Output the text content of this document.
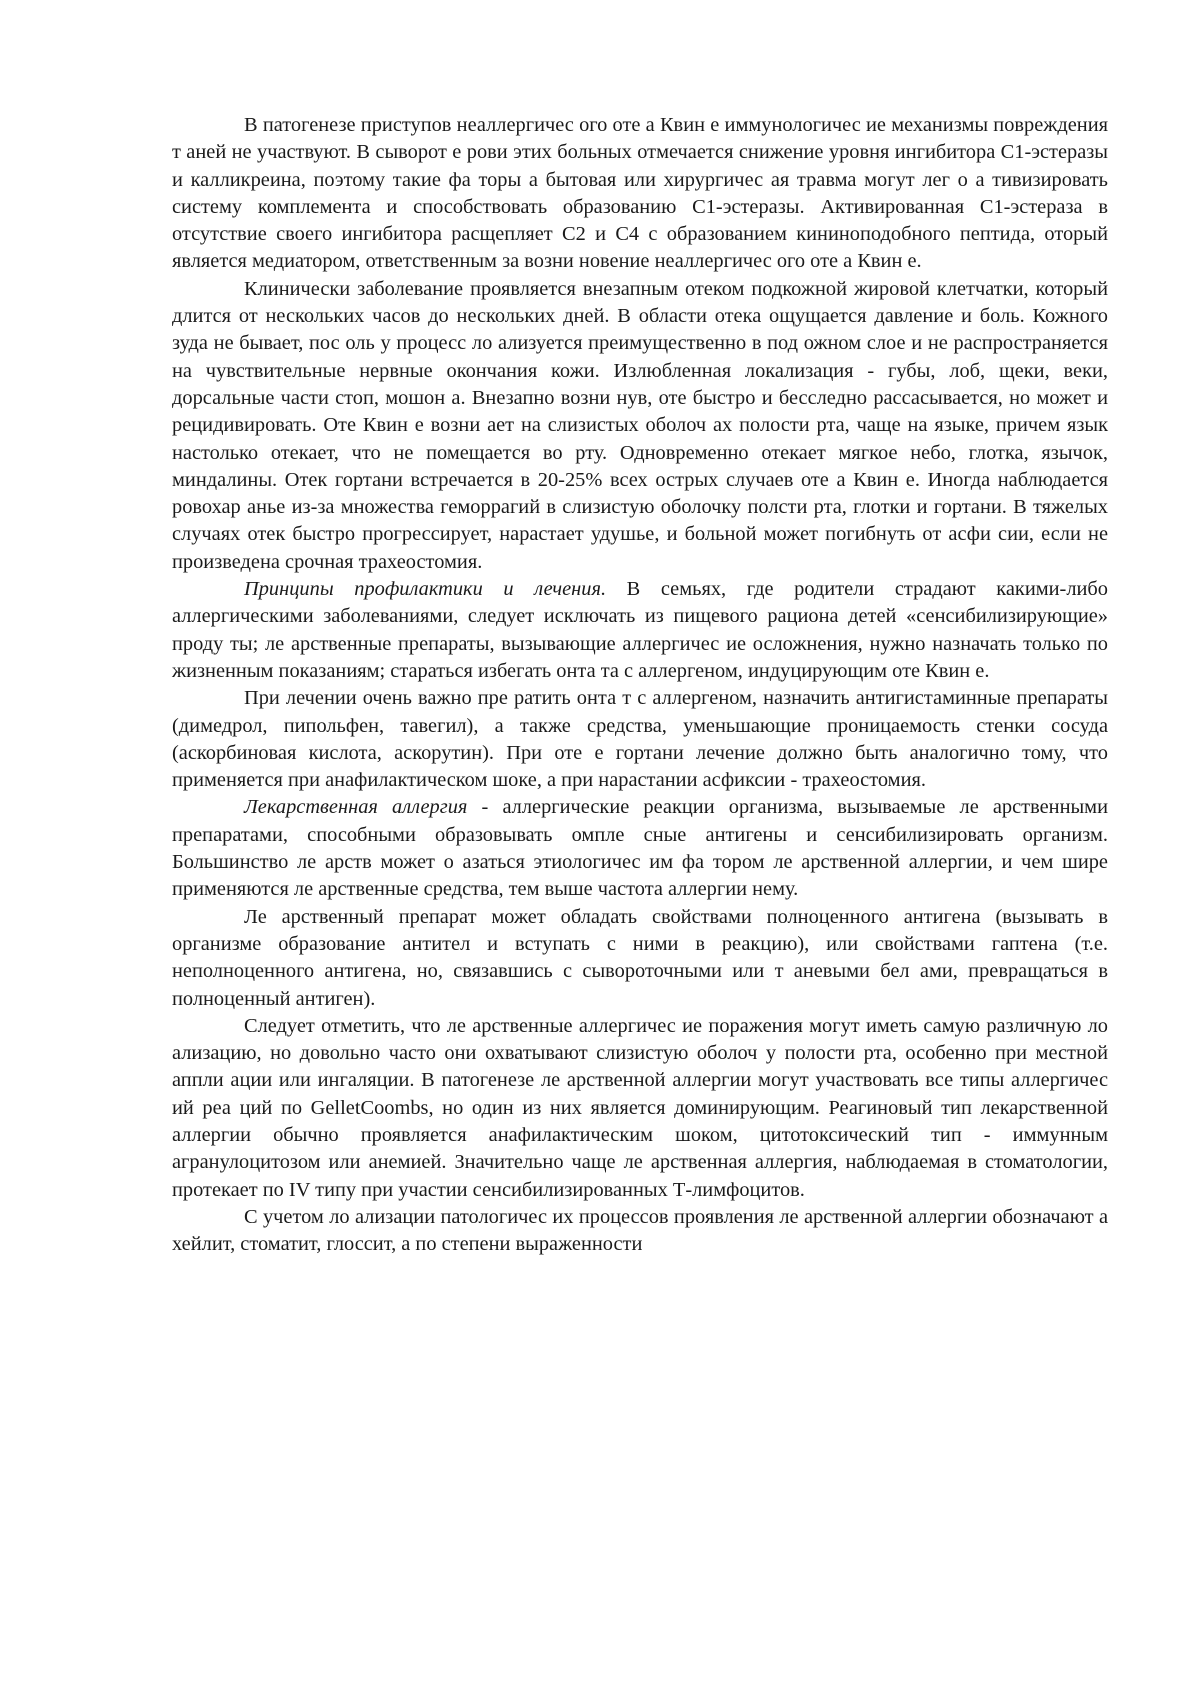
В патогенезе приступов неаллергичес ого оте а Квин е иммунологичес ие механизмы повреждения т аней не участвуют. В сыворот е рови этих больных отмечается снижение уровня ингибитора С1-эстеразы и калликреина, поэтому такие фа торы а бытовая или хирургичес ая травма могут лег о а тивизировать систему комплемента и способствовать образованию С1-эстеразы. Активированная С1-эстераза в отсутствие своего ингибитора расщепляет С2 и С4 с образованием кининоподобного пептида, оторый является медиатором, ответственным за возни новение неаллергичес ого оте а Квин е.

Клинически заболевание проявляется внезапным отеком подкожной жировой клетчатки, который длится от нескольких часов до нескольких дней. В области отека ощущается давление и боль. Кожного зуда не бывает, пос оль у процесс ло ализуется преимущественно в под ожном слое и не распространяется на чувствительные нервные окончания кожи. Излюбленная локализация - губы, лоб, щеки, веки, дорсальные части стоп, мошон а. Внезапно возни нув, оте быстро и бесследно рассасывается, но может и рецидивировать. Оте Квин е возни ает на слизистых оболоч ах полости рта, чаще на языке, причем язык настолько отекает, что не помещается во рту. Одновременно отекает мягкое небо, глотка, язычок, миндалины. Отек гортани встречается в 20-25% всех острых случаев оте а Квин е. Иногда наблюдается ровохар анье из-за множества геморрагий в слизистую оболочку полсти рта, глотки и гортани. В тяжелых случаях отек быстро прогрессирует, нарастает удушье, и больной может погибнуть от асфи сии, если не произведена срочная трахеостомия.

Принципы профилактики и лечения. В семьях, где родители страдают какими-либо аллергическими заболеваниями, следует исключать из пищевого рациона детей «сенсибилизирующие» проду ты; ле арственные препараты, вызывающие аллергичес ие осложнения, нужно назначать только по жизненным показаниям; стараться избегать онта та с аллергеном, индуцирующим оте Квин е.

При лечении очень важно пре ратить онта т с аллергеном, назначить антигистаминные препараты (димедрол, пипольфен, тавегил), а также средства, уменьшающие проницаемость стенки сосуда (аскорбиновая кислота, аскорутин). При оте е гортани лечение должно быть аналогично тому, что применяется при анафилактическом шоке, а при нарастании асфиксии - трахеостомия.

Лекарственная аллергия - аллергические реакции организма, вызываемые ле арственными препаратами, способными образовывать омпле сные антигены и сенсибилизировать организм. Большинство ле арств может о азаться этиологичес им фа тором ле арственной аллергии, и чем шире применяются ле арственные средства, тем выше частота аллергии нему.

Ле арственный препарат может обладать свойствами полноценного антигена (вызывать в организме образование антител и вступать с ними в реакцию), или свойствами гаптена (т.е. неполноценного антигена, но, связавшись с сывороточными или т аневыми бел ами, превращаться в полноценный антиген).

Следует отметить, что ле арственные аллергичес ие поражения могут иметь самую различную ло ализацию, но довольно часто они охватывают слизистую оболоч у полости рта, особенно при местной аппли ации или ингаляции. В патогенезе ле арственной аллергии могут участвовать все типы аллергичес ий реа ций по GelletCoombs, но один из них является доминирующим. Реагиновый тип лекарственной аллергии обычно проявляется анафилактическим шоком, цитотоксический тип - иммунным агранулоцитозом или анемией. Значительно чаще ле арственная аллергия, наблюдаемая в стоматологии, протекает по IV типу при участии сенсибилизированных Т-лимфоцитов.

С учетом ло ализации патологичес их процессов проявления ле арственной аллергии обозначают а хейлит, стоматит, глоссит, а по степени выраженности
